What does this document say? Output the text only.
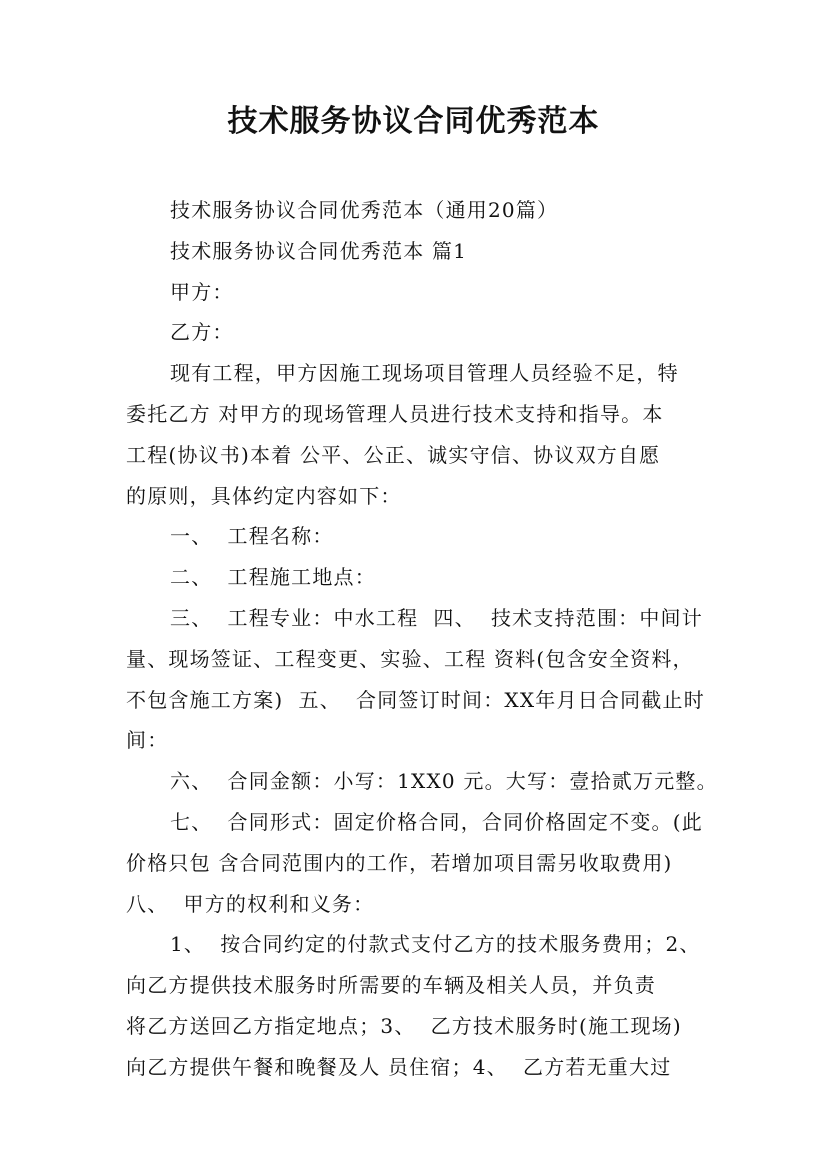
技术服务协议合同优秀范本
技术服务协议合同优秀范本（通用20篇）
技术服务协议合同优秀范本 篇1
甲方：
乙方：
现有工程，甲方因施工现场项目管理人员经验不足，特
委托乙方 对甲方的现场管理人员进行技术支持和指导。本
工程(协议书)本着 公平、公正、诚实守信、协议双方自愿
的原则，具体约定内容如下：
一、  工程名称：
二、  工程施工地点：
三、  工程专业：中水工程  四、  技术支持范围：中间计
量、现场签证、工程变更、实验、工程 资料(包含安全资料，
不包含施工方案)  五、  合同签订时间：XX年月日合同截止时
间：
六、  合同金额：小写：1XX0 元。大写：壹拾贰万元整。
七、  合同形式：固定价格合同，合同价格固定不变。(此
价格只包 含合同范围内的工作，若增加项目需另收取费用)
八、  甲方的权利和义务：
1、  按合同约定的付款式支付乙方的技术服务费用；2、
向乙方提供技术服务时所需要的车辆及相关人员，并负责
将乙方送回乙方指定地点；3、  乙方技术服务时(施工现场)
向乙方提供午餐和晚餐及人 员住宿；4、  乙方若无重大过
